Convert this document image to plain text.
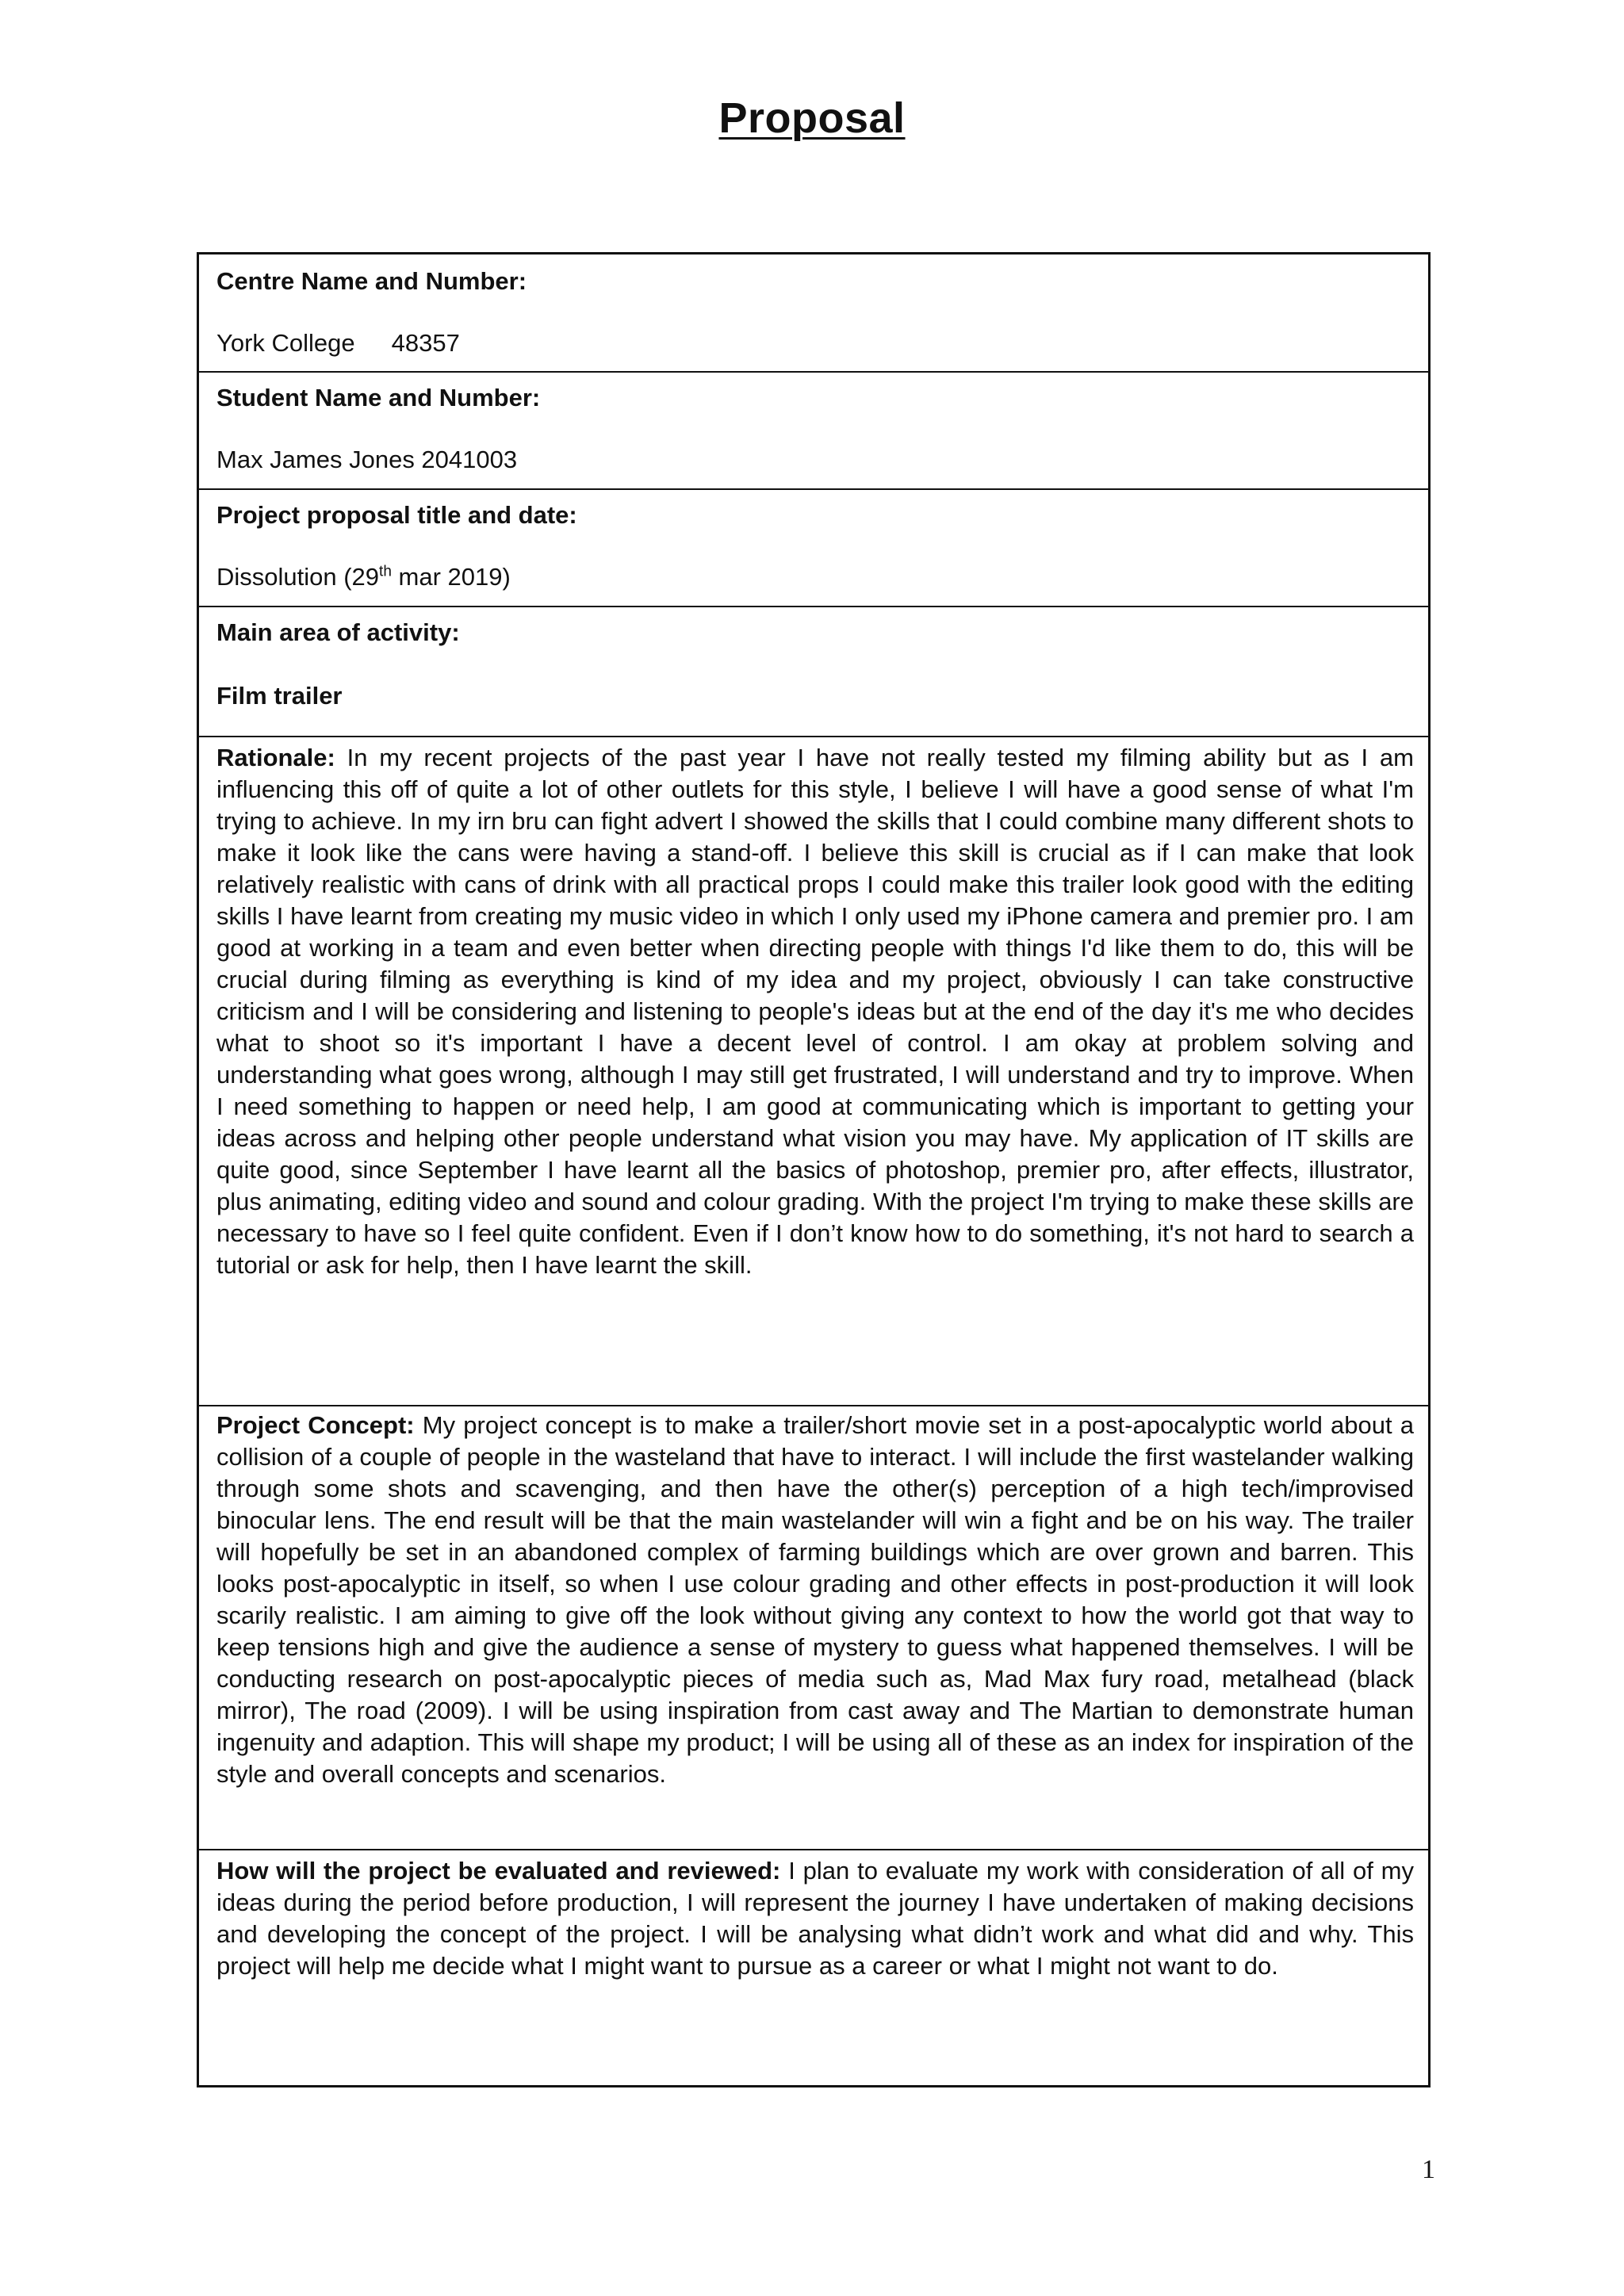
Proposal
Centre Name and Number:
York College 48357
Student Name and Number:
Max James Jones 2041003
Project proposal title and date:
Dissolution (29th mar 2019)
Main area of activity:
Film trailer

Rationale: In my recent projects of the past year I have not really tested my filming ability but as I am influencing this off of quite a lot of other outlets for this style, I believe I will have a good sense of what I'm trying to achieve. In my irn bru can fight advert I showed the skills that I could combine many different shots to make it look like the cans were having a stand-off. I believe this skill is crucial as if I can make that look relatively realistic with cans of drink with all practical props I could make this trailer look good with the editing skills I have learnt from creating my music video in which I only used my iPhone camera and premier pro. I am good at working in a team and even better when directing people with things I'd like them to do, this will be crucial during filming as everything is kind of my idea and my project, obviously I can take constructive criticism and I will be considering and listening to people's ideas but at the end of the day it's me who decides what to shoot so it's important I have a decent level of control. I am okay at problem solving and understanding what goes wrong, although I may still get frustrated, I will understand and try to improve. When I need something to happen or need help, I am good at communicating which is important to getting your ideas across and helping other people understand what vision you may have. My application of IT skills are quite good, since September I have learnt all the basics of photoshop, premier pro, after effects, illustrator, plus animating, editing video and sound and colour grading. With the project I'm trying to make these skills are necessary to have so I feel quite confident. Even if I don’t know how to do something, it's not hard to search a tutorial or ask for help, then I have learnt the skill.

Project Concept: My project concept is to make a trailer/short movie set in a post-apocalyptic world about a collision of a couple of people in the wasteland that have to interact. I will include the first wastelander walking through some shots and scavenging, and then have the other(s) perception of a high tech/improvised binocular lens. The end result will be that the main wastelander will win a fight and be on his way. The trailer will hopefully be set in an abandoned complex of farming buildings which are over grown and barren. This looks post-apocalyptic in itself, so when I use colour grading and other effects in post-production it will look scarily realistic. I am aiming to give off the look without giving any context to how the world got that way to keep tensions high and give the audience a sense of mystery to guess what happened themselves. I will be conducting research on post-apocalyptic pieces of media such as, Mad Max fury road, metalhead (black mirror), The road (2009). I will be using inspiration from cast away and The Martian to demonstrate human ingenuity and adaption. This will shape my product; I will be using all of these as an index for inspiration of the style and overall concepts and scenarios.

How will the project be evaluated and reviewed: I plan to evaluate my work with consideration of all of my ideas during the period before production, I will represent the journey I have undertaken of making decisions and developing the concept of the project. I will be analysing what didn’t work and what did and why. This project will help me decide what I might want to pursue as a career or what I might not want to do.

1
